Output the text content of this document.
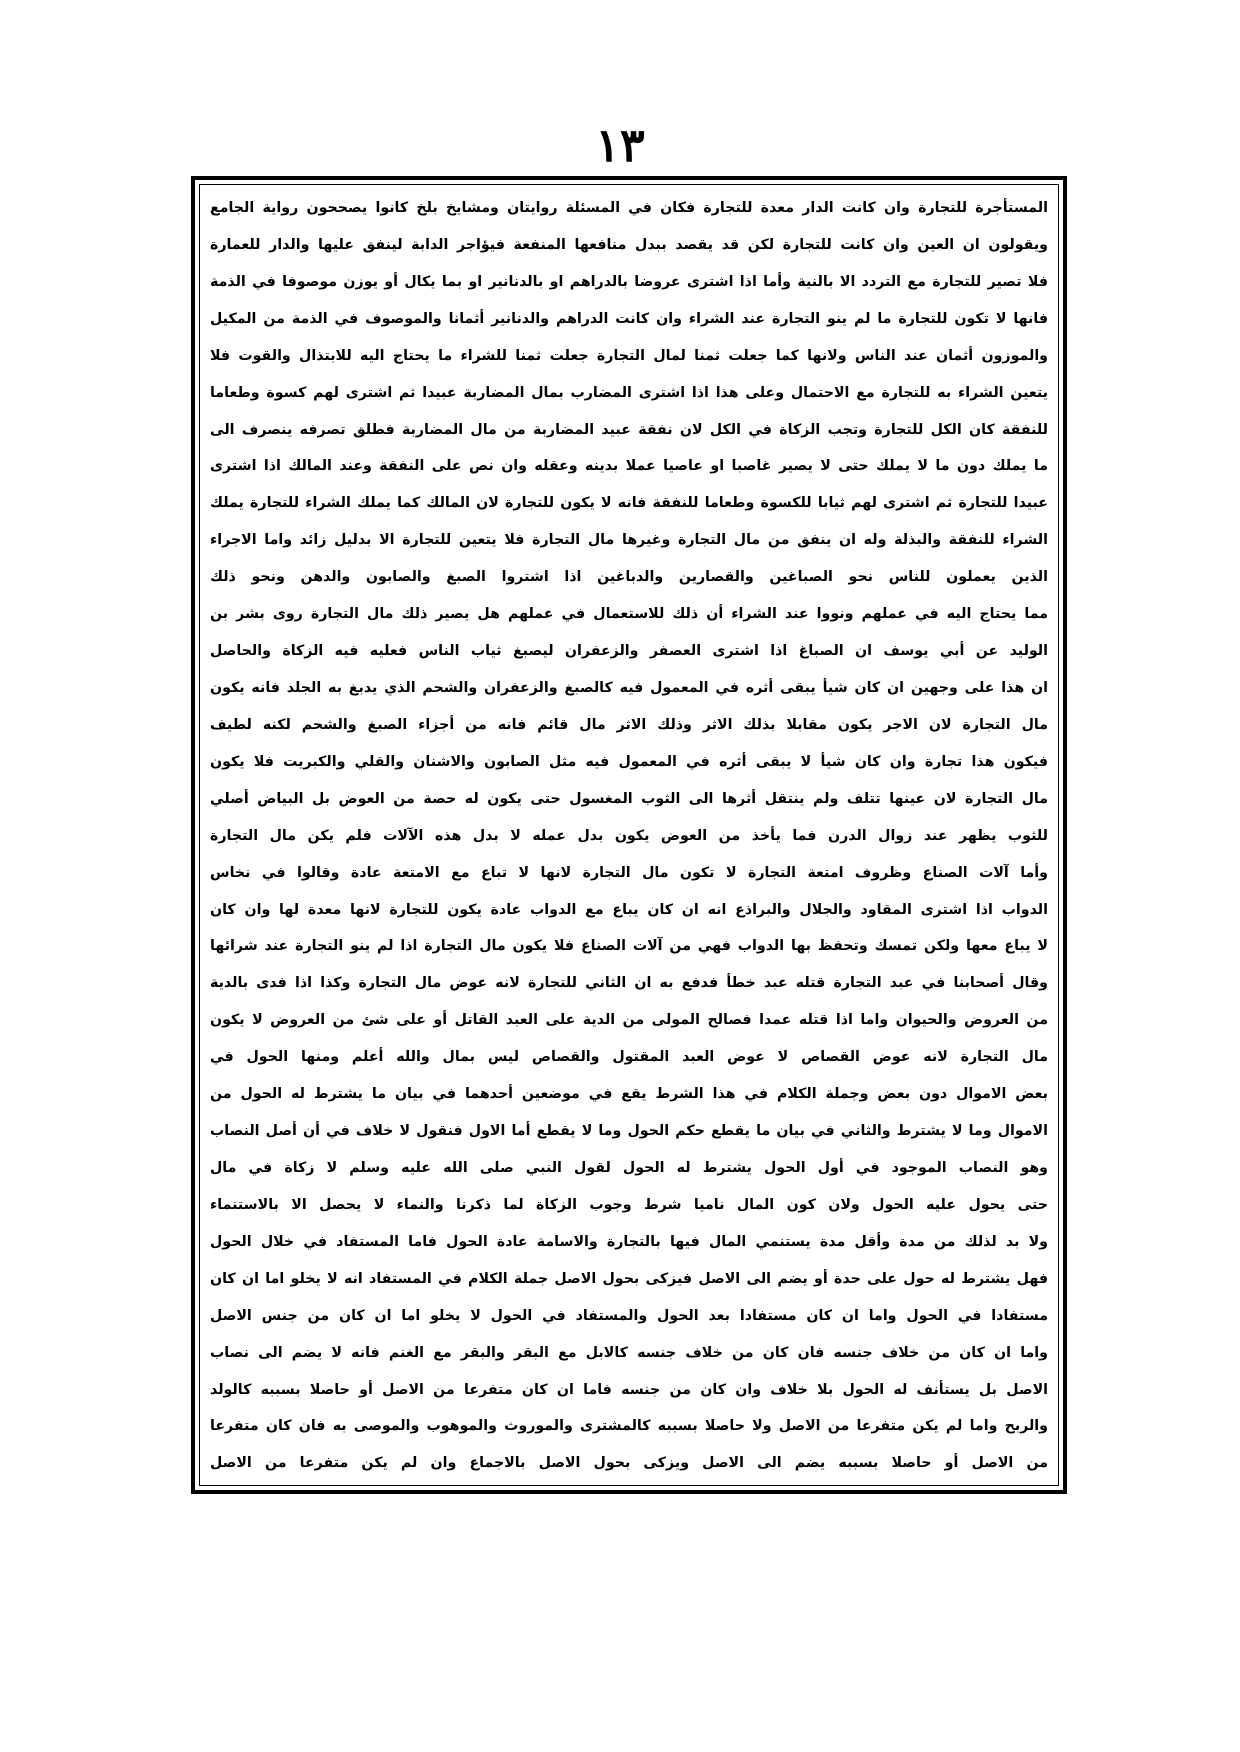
١٣
المستأجرة للتجارة وان كانت الدار معدة للتجارة فكان في المسئلة روايتان ومشايخ بلخ كانوا يصححون رواية الجامع
ويقولون ان العين وان كانت للتجارة لكن قد يقصد ببدل منافعها المنفعة فيؤاجر الدابة لينفق عليها والدار للعمارة
فلا تصير للتجارة مع التردد الا بالنية وأما اذا اشترى عروضا بالدراهم او بالدنانير او بما يكال أو يوزن موصوفا في الذمة
فانها لا تكون للتجارة ما لم ينو التجارة عند الشراء وان كانت الدراهم والدنانير أثمانا والموصوف في الذمة من المكيل
والموزون أثمان عند الناس ولانها كما جعلت ثمنا لمال التجارة جعلت ثمنا للشراء ما يحتاج اليه للابتذال والقوت فلا
يتعين الشراء به للتجارة مع الاحتمال وعلى هذا اذا اشترى المضارب بمال المضاربة عبيدا ثم اشترى لهم كسوة وطعاما
للنفقة كان الكل للتجارة وتجب الزكاة في الكل لان نفقة عبيد المضاربة من مال المضاربة فطلق تصرفه ينصرف الى
ما يملك دون ما لا يملك حتى لا يصير غاصبا او عاصيا عملا بدينه وعقله وان نص على النفقة وعند المالك اذا اشترى
عبيدا للتجارة ثم اشترى لهم ثيابا للكسوة وطعاما للنفقة فانه لا يكون للتجارة لان المالك كما يملك الشراء للتجارة يملك
الشراء للنفقة والبذلة وله ان ينفق من مال التجارة وغيرها مال التجارة فلا يتعين للتجارة الا بدليل زائد واما الاجراء
الذين يعملون للناس نحو الصباغين والقصارين والدباغين اذا اشتروا الصبغ والصابون والدهن ونحو ذلك
مما يحتاج اليه في عملهم ونووا عند الشراء أن ذلك للاستعمال في عملهم هل يصير ذلك مال التجارة روى بشر بن
الوليد عن أبي يوسف ان الصباغ اذا اشترى العصفر والزعفران ليصبغ ثياب الناس فعليه فيه الزكاة والحاصل
ان هذا على وجهين ان كان شيأ يبقى أثره في المعمول فيه كالصبغ والزعفران والشحم الذي يدبغ به الجلد فانه يكون
مال التجارة لان الاجر يكون مقابلا بذلك الاثر وذلك الاثر مال قائم فانه من أجزاء الصبغ والشحم لكنه لطيف
فيكون هذا تجارة وان كان شيأ لا يبقى أثره في المعمول فيه مثل الصابون والاشنان والقلي والكبريت فلا يكون
مال التجارة لان عينها تتلف ولم ينتقل أثرها الى الثوب المغسول حتى يكون له حصة من العوض بل البياض أصلي
للثوب يظهر عند زوال الدرن فما يأخذ من العوض يكون بدل عمله لا بدل هذه الآلات فلم يكن مال التجارة
وأما آلات الصناع وظروف امتعة التجارة لا تكون مال التجارة لانها لا تباع مع الامتعة عادة وقالوا في نخاس
الدواب اذا اشترى المقاود والجلال والبراذع انه ان كان يباع مع الدواب عادة يكون للتجارة لانها معدة لها وان كان
لا يباع معها ولكن تمسك وتحفظ بها الدواب فهي من آلات الصناع فلا يكون مال التجارة اذا لم ينو التجارة عند شرائها
وقال أصحابنا في عبد التجارة قتله عبد خطأ فدفع به ان الثاني للتجارة لانه عوض مال التجارة وكذا اذا فدى بالدية
من العروض والحيوان واما اذا قتله عمدا فصالح المولى من الدية على العبد القاتل أو على شئ من العروض لا يكون
مال التجارة لانه عوض القصاص لا عوض العبد المقتول والقصاص ليس بمال والله أعلم ومنها الحول في
بعض الاموال دون بعض وجملة الكلام في هذا الشرط يقع في موضعين أحدهما في بيان ما يشترط له الحول من
الاموال وما لا يشترط والثاني في بيان ما يقطع حكم الحول وما لا يقطع أما الاول فنقول لا خلاف في أن أصل النصاب
وهو النصاب الموجود في أول الحول يشترط له الحول لقول النبي صلى الله عليه وسلم لا زكاة في مال
حتى يحول عليه الحول ولان كون المال ناميا شرط وجوب الزكاة لما ذكرنا والنماء لا يحصل الا بالاستنماء
ولا بد لذلك من مدة وأقل مدة يستنمي المال فيها بالتجارة والاسامة عادة الحول فاما المستفاد في خلال الحول
فهل يشترط له حول على حدة أو يضم الى الاصل فيزكى بحول الاصل جملة الكلام في المستفاد انه لا يخلو اما ان كان
مستفادا في الحول واما ان كان مستفادا بعد الحول والمستفاد في الحول لا يخلو اما ان كان من جنس الاصل
واما ان كان من خلاف جنسه فان كان من خلاف جنسه كالابل مع البقر والبقر مع الغنم فانه لا يضم الى نصاب
الاصل بل يستأنف له الحول بلا خلاف وان كان من جنسه فاما ان كان متفرعا من الاصل أو حاصلا بسببه كالولد
والربح واما لم يكن متفرعا من الاصل ولا حاصلا بسببه كالمشترى والموروث والموهوب والموصى به فان كان متفرعا
من الاصل أو حاصلا بسببه يضم الى الاصل ويزكى بحول الاصل بالاجماع وان لم يكن متفرعا من الاصل
